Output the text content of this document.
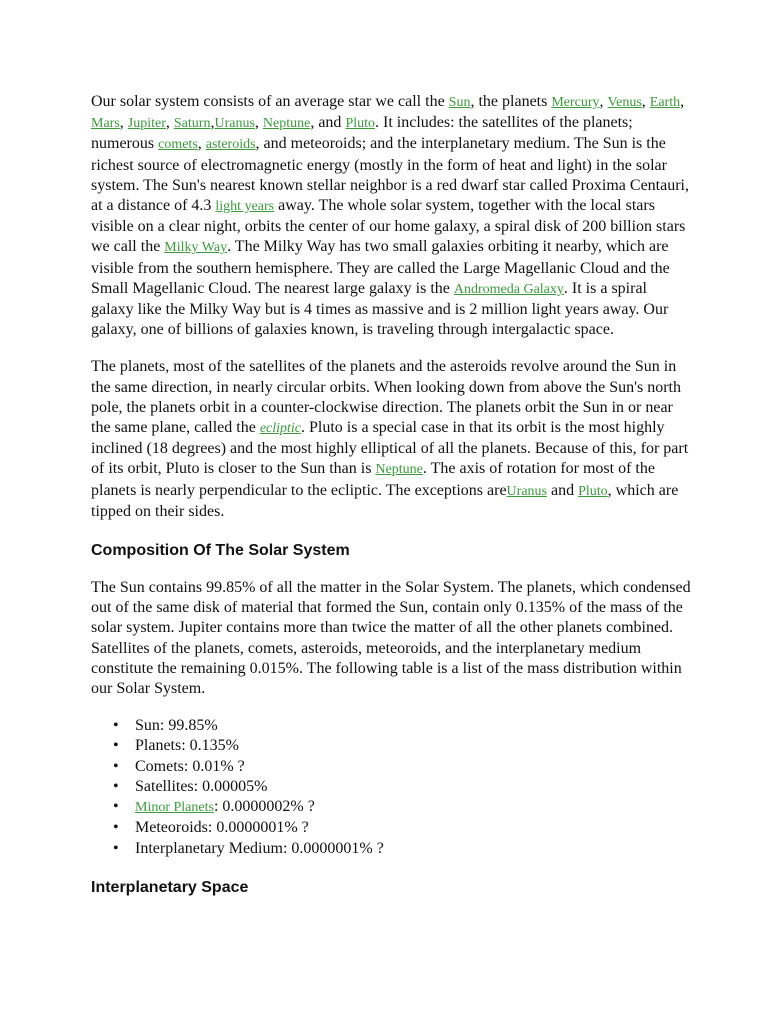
Our solar system consists of an average star we call the Sun, the planets Mercury, Venus, Earth, Mars, Jupiter, Saturn,Uranus, Neptune, and Pluto. It includes: the satellites of the planets; numerous comets, asteroids, and meteoroids; and the interplanetary medium. The Sun is the richest source of electromagnetic energy (mostly in the form of heat and light) in the solar system. The Sun's nearest known stellar neighbor is a red dwarf star called Proxima Centauri, at a distance of 4.3 light years away. The whole solar system, together with the local stars visible on a clear night, orbits the center of our home galaxy, a spiral disk of 200 billion stars we call the Milky Way. The Milky Way has two small galaxies orbiting it nearby, which are visible from the southern hemisphere. They are called the Large Magellanic Cloud and the Small Magellanic Cloud. The nearest large galaxy is the Andromeda Galaxy. It is a spiral galaxy like the Milky Way but is 4 times as massive and is 2 million light years away. Our galaxy, one of billions of galaxies known, is traveling through intergalactic space.

The planets, most of the satellites of the planets and the asteroids revolve around the Sun in the same direction, in nearly circular orbits. When looking down from above the Sun's north pole, the planets orbit in a counter-clockwise direction. The planets orbit the Sun in or near the same plane, called the ecliptic. Pluto is a special case in that its orbit is the most highly inclined (18 degrees) and the most highly elliptical of all the planets. Because of this, for part of its orbit, Pluto is closer to the Sun than is Neptune. The axis of rotation for most of the planets is nearly perpendicular to the ecliptic. The exceptions areUranus and Pluto, which are tipped on their sides.

Composition Of The Solar System

The Sun contains 99.85% of all the matter in the Solar System. The planets, which condensed out of the same disk of material that formed the Sun, contain only 0.135% of the mass of the solar system. Jupiter contains more than twice the matter of all the other planets combined. Satellites of the planets, comets, asteroids, meteoroids, and the interplanetary medium constitute the remaining 0.015%. The following table is a list of the mass distribution within our Solar System.

• Sun: 99.85%
• Planets: 0.135%
• Comets: 0.01% ?
• Satellites: 0.00005%
•	Minor Planets: 0.0000002% ?
• Meteoroids: 0.0000001% ?
• Interplanetary Medium: 0.0000001% ?
Interplanetary Space
